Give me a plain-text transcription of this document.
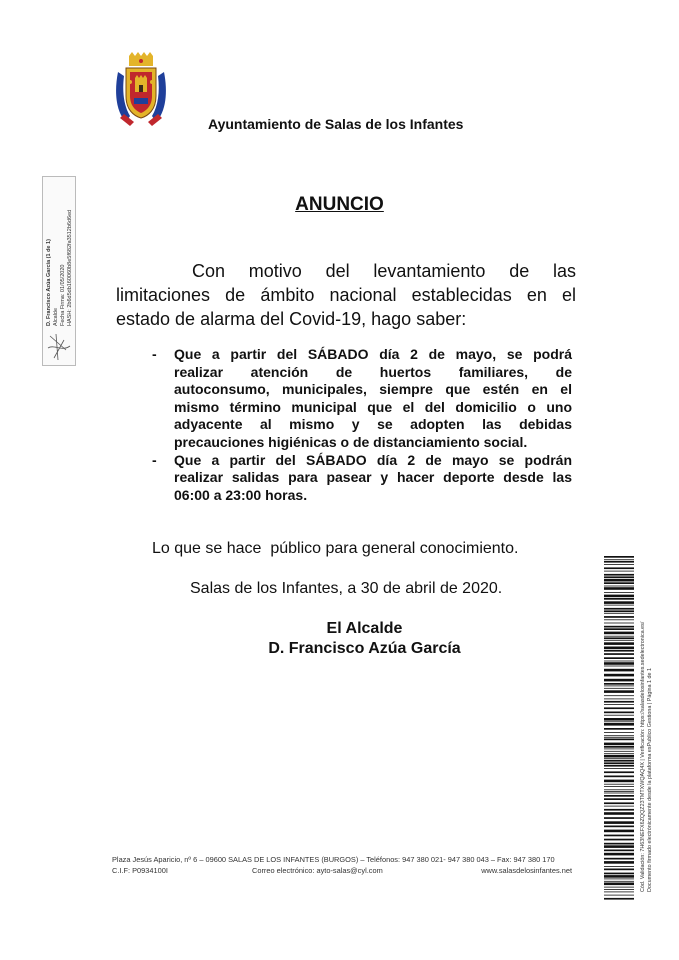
Ayuntamiento de Salas de los Infantes
D. Francisco Azúa García (1 de 1) Alcalde Fecha Firma: 01/05/2020 HASH: 2b6d5db160060b8e5f682fa3512b6d6ed
ANUNCIO
Con motivo del levantamiento de las
limitaciones de ámbito nacional establecidas en el
estado de alarma del Covid-19, hago saber:
- Que a partir del SÁBADO día 2 de mayo, se podrá
realizar atención de huertos familiares, de
autoconsumo, municipales, siempre que estén en el
mismo término municipal que el del domicilio o uno
adyacente al mismo y se adopten las debidas
precauciones higiénicas o de distanciamiento social.
- Que a partir del SÁBADO día 2 de mayo se podrán
realizar salidas para pasear y hacer deporte desde las
06:00 a 23:00 horas.
Lo que se hace  público para general conocimiento.
Salas de los Infantes, a 30 de abril de 2020.
El Alcalde
D. Francisco Azúa García	Cód. Validación: 7H63NEFX6ZQQZ23TMTXWQAQ4X | Verificación: https://salasdelosinfantes.sedelectronica.es/ Documento firmado electrónicamente desde la plataforma esPublico Gestiona | Página 1 de 1
Plaza Jesús Aparicio, nº 6 – 09600 SALAS DE LOS INFANTES (BURGOS) – Teléfonos: 947 380 021- 947 380 043 – Fax: 947 380 170
C.I.F: P0934100I	Correo electrónico: ayto-salas@cyl.com	www.salasdelosinfantes.net
